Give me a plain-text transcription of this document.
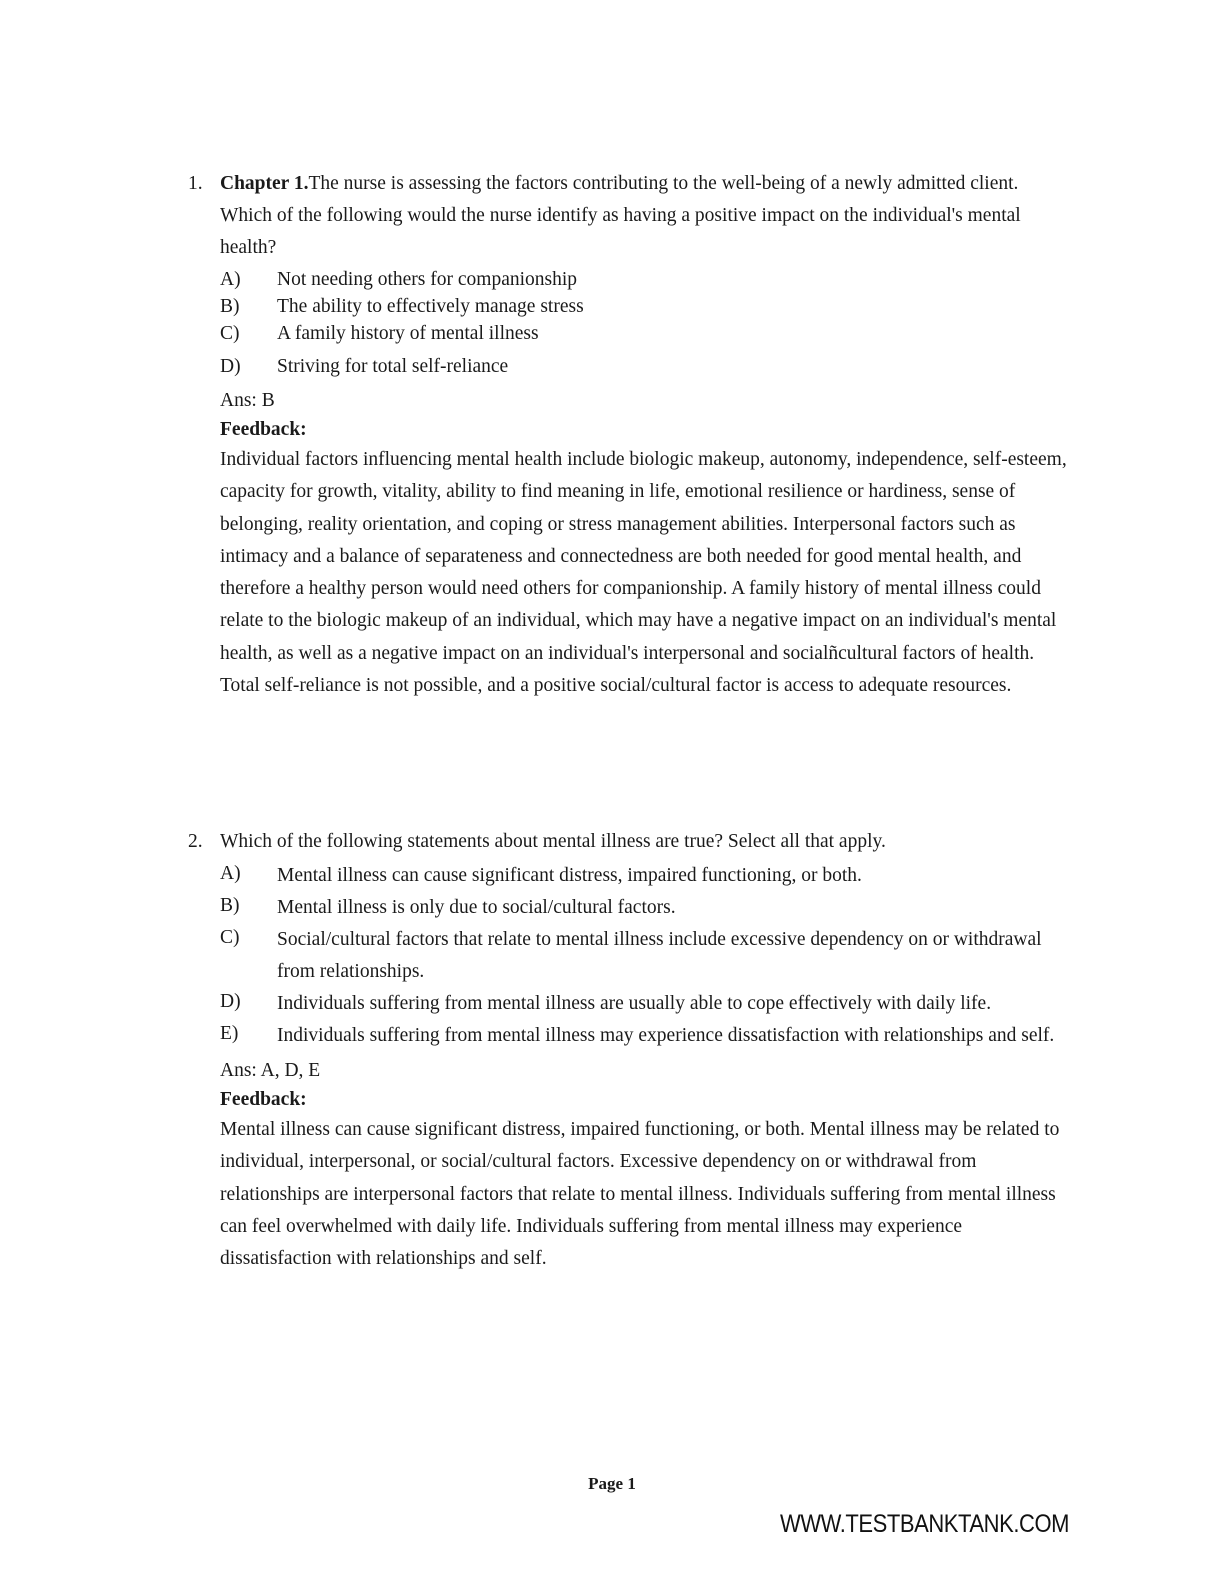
1. Chapter 1.The nurse is assessing the factors contributing to the well-being of a newly admitted client. Which of the following would the nurse identify as having a positive impact on the individual's mental health?
A)	Not needing others for companionship
B)	The ability to effectively manage stress
C)	A family history of mental illness
D)	Striving for total self-reliance
Ans: B
Feedback:
Individual factors influencing mental health include biologic makeup, autonomy, independence, self-esteem, capacity for growth, vitality, ability to find meaning in life, emotional resilience or hardiness, sense of belonging, reality orientation, and coping or stress management abilities. Interpersonal factors such as intimacy and a balance of separateness and connectedness are both needed for good mental health, and therefore a healthy person would need others for companionship. A family history of mental illness could relate to the biologic makeup of an individual, which may have a negative impact on an individual's mental health, as well as a negative impact on an individual's interpersonal and socialñcultural factors of health. Total self-reliance is not possible, and a positive social/cultural factor is access to adequate resources.
2. Which of the following statements about mental illness are true? Select all that apply.
A)	Mental illness can cause significant distress, impaired functioning, or both.
B)	Mental illness is only due to social/cultural factors.
C)	Social/cultural factors that relate to mental illness include excessive dependency on or withdrawal from relationships.
D)	Individuals suffering from mental illness are usually able to cope effectively with daily life.
E)	Individuals suffering from mental illness may experience dissatisfaction with relationships and self.
Ans: A, D, E
Feedback:
Mental illness can cause significant distress, impaired functioning, or both. Mental illness may be related to individual, interpersonal, or social/cultural factors. Excessive dependency on or withdrawal from relationships are interpersonal factors that relate to mental illness. Individuals suffering from mental illness can feel overwhelmed with daily life. Individuals suffering from mental illness may experience dissatisfaction with relationships and self.
Page 1
WWW.TESTBANKTANK.COM
